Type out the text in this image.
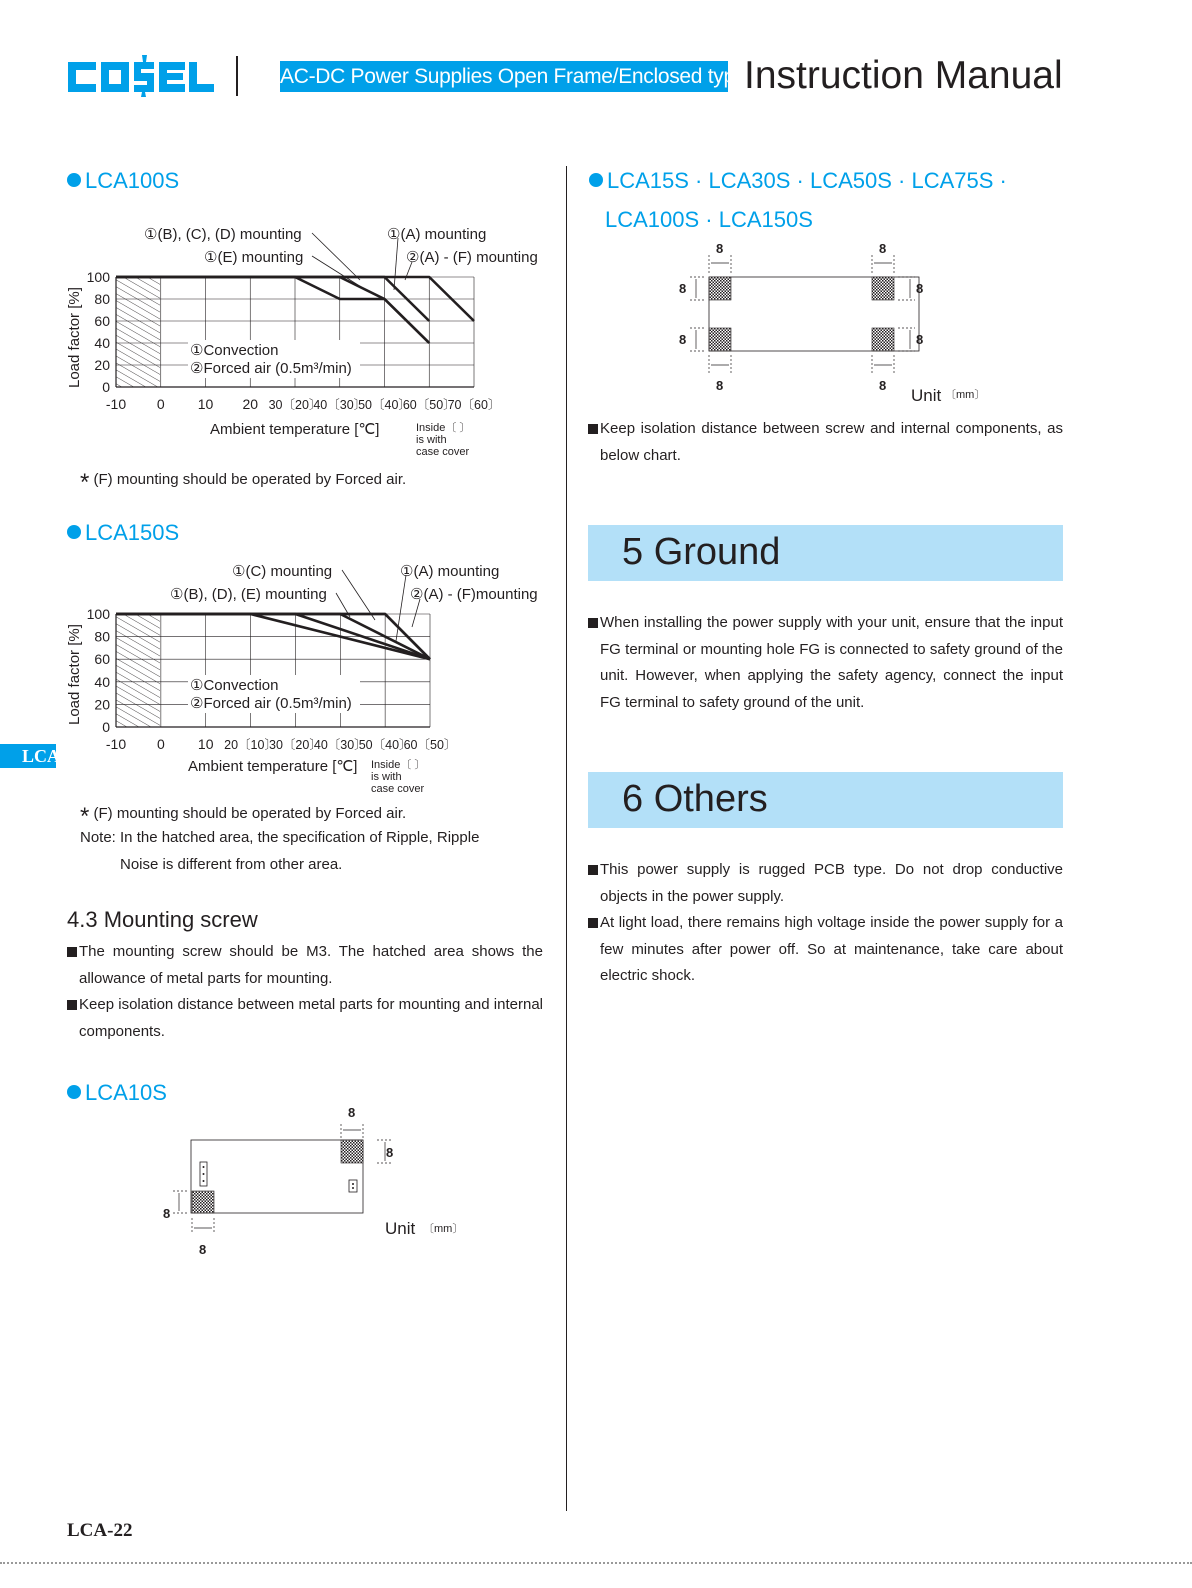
AC-DC Power Supplies Open Frame/Enclosed type
Instruction Manual
LCA100S
Load factor [%] 0
20
40
60
80
100
-10 0 10 20 30〔20〕
40〔30〕
50〔40〕
60〔50〕
70〔60〕
①(B), (C), (D) mounting
①(E) mounting
①(A) mounting
②(A) - (F) mounting
①Convection
②Forced air (0.5m³/min)
Ambient temperature [℃]	Inside〔 〕 is with case cover
* (F) mounting should be operated by Forced air.
LCA150S
Load factor [%]
0
20
40
60
80
100
-10 0 10 20〔10〕
30〔20〕
40〔30〕
50〔40〕
60〔50〕
①(C) mounting
①(B), (D), (E) mounting
①(A) mounting
②(A) - (F)mounting
①Convection
②Forced air (0.5m³/min)
Ambient temperature [℃] Inside〔 〕 is with case cover
* (F) mounting should be operated by Forced air.
Note: In the hatched area, the specification of Ripple, Ripple
Noise is different from other area.
4.3 Mounting screw
The mounting screw should be M3. The hatched area shows the allowance of metal parts for mounting.
Keep isolation distance between metal parts for mounting and internal components.
LCA10S
8
8
8
8
Unit 〔mm〕
LCA15S · LCA30S · LCA50S · LCA75S ·
LCA100S · LCA150S
8	8
8
8
8
8
8	8
Unit 〔mm〕
Keep isolation distance between screw and internal components, as below chart.
5 Ground
When installing the power supply with your unit, ensure that the input FG terminal or mounting hole FG is connected to safety ground of the unit. However, when applying the safety agency, connect the input FG terminal to safety ground of the unit.
6 Others
This power supply is rugged PCB type. Do not drop conductive objects in the power supply.
At light load, there remains high voltage inside the power supply for a few minutes after power off. So at maintenance, take care about electric shock.
LCA
LCA-22
